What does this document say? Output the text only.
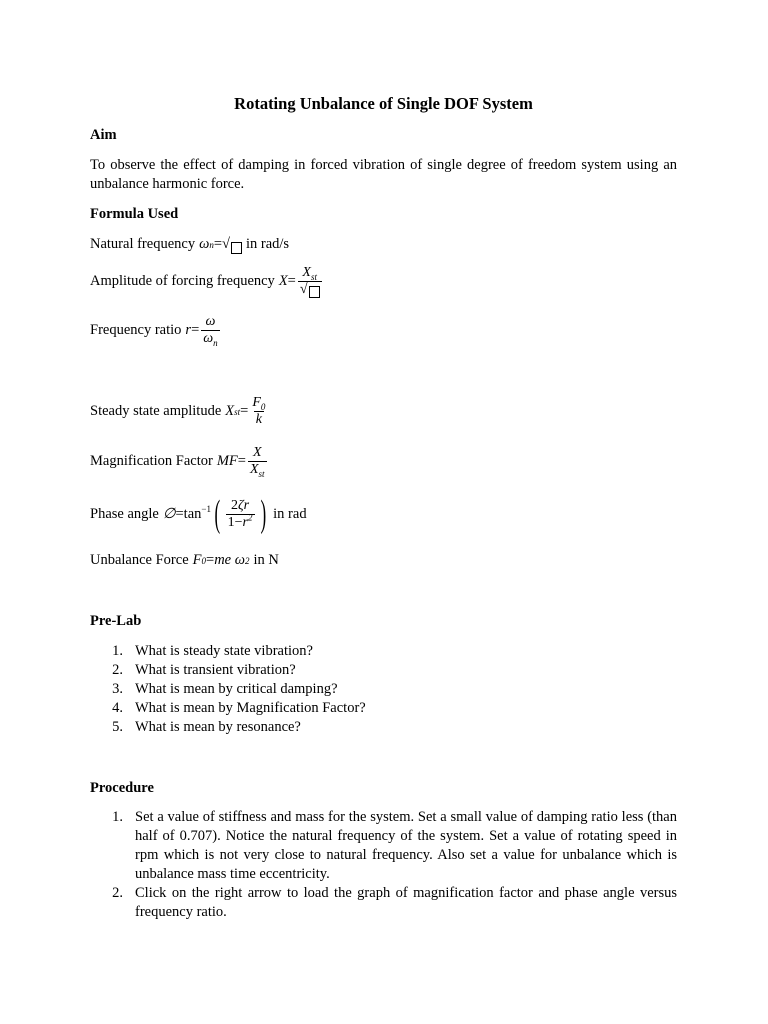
Rotating Unbalance of Single DOF System
Aim
To observe the effect of damping in forced vibration of single degree of freedom system using an unbalance harmonic force.
Formula Used
Natural frequency ω n = √	in rad/s
Amplitude of forcing frequency $X = \frac{X_{st}}{√}$
Frequency ratio $r = \frac{\omega}{\omega_n}$
Steady state amplitude X st = $\frac{F_0}{k}$
Magnification Factor MF = $\frac{X}{X_{st}}$
Phase angle ∅ $=\tan^{-1}$ ( $\frac{2\zeta r}{1-r^2}$ ) in rad
Unbalance Force F 0 = me ω 2 in N
Pre-Lab
1. What is steady state vibration?
2. What is transient vibration?
3. What is mean by critical damping?
4. What is mean by Magnification Factor?
5. What is mean by resonance?
Procedure
1. Set a value of stiffness and mass for the system. Set a small value of damping ratio less (than half of 0.707). Notice the natural frequency of the system. Set a value of rotating speed in rpm which is not very close to natural frequency. Also set a value for unbalance which is unbalance mass time eccentricity.
2. Click on the right arrow to load the graph of magnification factor and phase angle versus frequency ratio.
